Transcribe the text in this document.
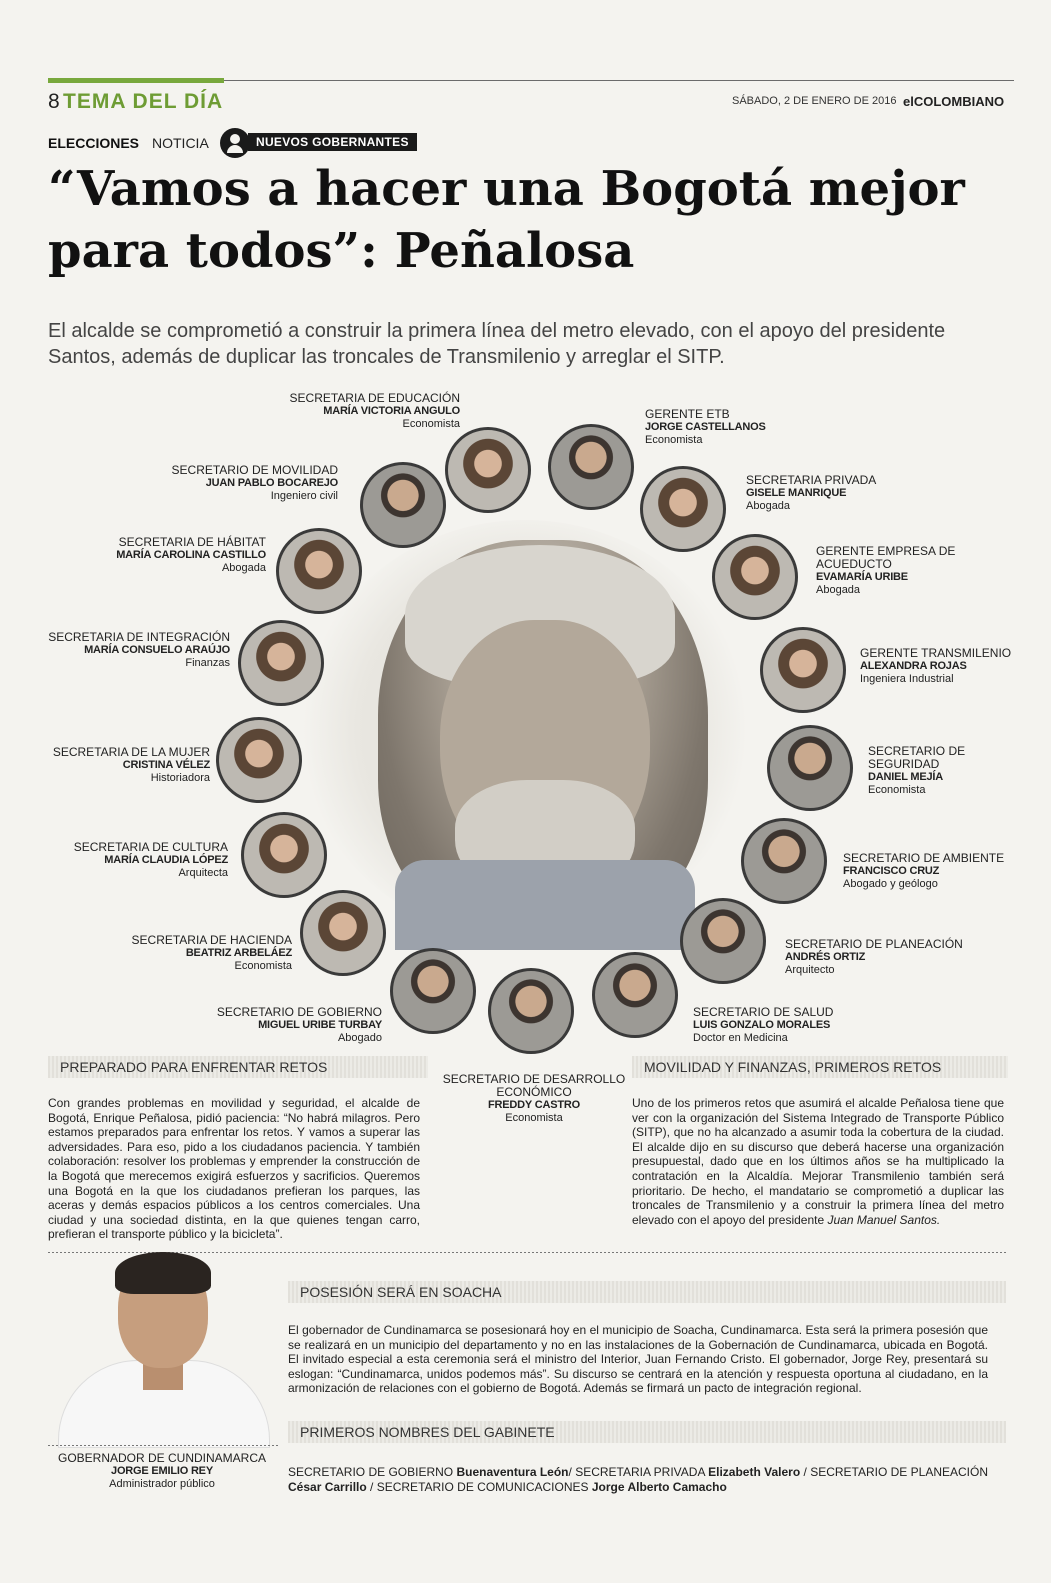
8 TEMA DEL DÍA	SÁBADO, 2 DE ENERO DE 2016 elCOLOMBIANO
ELECCIONES NOTICIA	NUEVOS GOBERNANTES
“Vamos a hacer una Bogotá mejor para todos”: Peñalosa
El alcalde se comprometió a construir la primera línea del metro elevado, con el apoyo del presidente Santos, además de duplicar las troncales de Transmilenio y arreglar el SITP.
SECRETARIA DE EDUCACIÓN
MARÍA VICTORIA ANGULO
Economista
GERENTE ETB
JORGE CASTELLANOS
Economista
SECRETARIO DE MOVILIDAD
JUAN PABLO BOCAREJO
Ingeniero civil
SECRETARIA PRIVADA
GISELE MANRIQUE
Abogada
SECRETARIA DE HÁBITAT
MARÍA CAROLINA CASTILLO
Abogada
GERENTE EMPRESA DE ACUEDUCTO
EVAMARÍA URIBE
Abogada
SECRETARIA DE INTEGRACIÓN
MARÍA CONSUELO ARAÚJO
Finanzas
GERENTE TRANSMILENIO
ALEXANDRA ROJAS
Ingeniera Industrial
SECRETARIA DE LA MUJER
CRISTINA VÉLEZ
Historiadora
SECRETARIO DE SEGURIDAD
DANIEL MEJÍA
Economista
SECRETARIA DE CULTURA
MARÍA CLAUDIA LÓPEZ
Arquitecta
SECRETARIO DE AMBIENTE
FRANCISCO CRUZ
Abogado y geólogo
SECRETARIA DE HACIENDA
BEATRIZ ARBELÁEZ
Economista
SECRETARIO DE PLANEACIÓN
ANDRÉS ORTIZ
Arquitecto
SECRETARIO DE GOBIERNO
MIGUEL URIBE TURBAY
Abogado
SECRETARIO DE SALUD
LUIS GONZALO MORALES
Doctor en Medicina
SECRETARIO DE DESARROLLO ECONÓMICO
FREDDY CASTRO
Economista
PREPARADO PARA ENFRENTAR RETOS
Con grandes problemas en movilidad y seguridad, el alcalde de Bogotá, Enrique Peñalosa, pidió paciencia: “No habrá milagros. Pero estamos preparados para enfrentar los retos. Y vamos a superar las adversidades. Para eso, pido a los ciudadanos paciencia. Y también colaboración: resolver los problemas y emprender la construcción de la Bogotá que merecemos exigirá esfuerzos y sacrificios. Queremos una Bogotá en la que los ciudadanos prefieran los parques, las aceras y demás espacios públicos a los centros comerciales. Una ciudad y una sociedad distinta, en la que quienes tengan carro, prefieran el transporte público y la bicicleta”.
MOVILIDAD Y FINANZAS, PRIMEROS RETOS
Uno de los primeros retos que asumirá el alcalde Peñalosa tiene que ver con la organización del Sistema Integrado de Transporte Público (SITP), que no ha alcanzado a asumir toda la cobertura de la ciudad. El alcalde dijo en su discurso que deberá hacerse una organización presupuestal, dado que en los últimos años se ha multiplicado la contratación en la Alcaldía. Mejorar Transmilenio también será prioritario. De hecho, el mandatario se comprometió a duplicar las troncales de Transmilenio y a construir la primera línea del metro elevado con el apoyo del presidente Juan Manuel Santos.
GOBERNADOR DE CUNDINAMARCA
JORGE EMILIO REY
Administrador público
POSESIÓN SERÁ EN SOACHA
El gobernador de Cundinamarca se posesionará hoy en el municipio de Soacha, Cundinamarca. Esta será la primera posesión que se realizará en un municipio del departamento y no en las instalaciones de la Gobernación de Cundinamarca, ubicada en Bogotá. El invitado especial a esta ceremonia será el ministro del Interior, Juan Fernando Cristo. El gobernador, Jorge Rey, presentará su eslogan: “Cundinamarca, unidos podemos más”. Su discurso se centrará en la atención y respuesta oportuna al ciudadano, en la armonización de relaciones con el gobierno de Bogotá. Además se firmará un pacto de integración regional.
PRIMEROS NOMBRES DEL GABINETE
SECRETARIO DE GOBIERNO Buenaventura León/ SECRETARIA PRIVADA Elizabeth Valero / SECRETARIO DE PLANEACIÓN César Carrillo / SECRETARIO DE COMUNICACIONES Jorge Alberto Camacho
